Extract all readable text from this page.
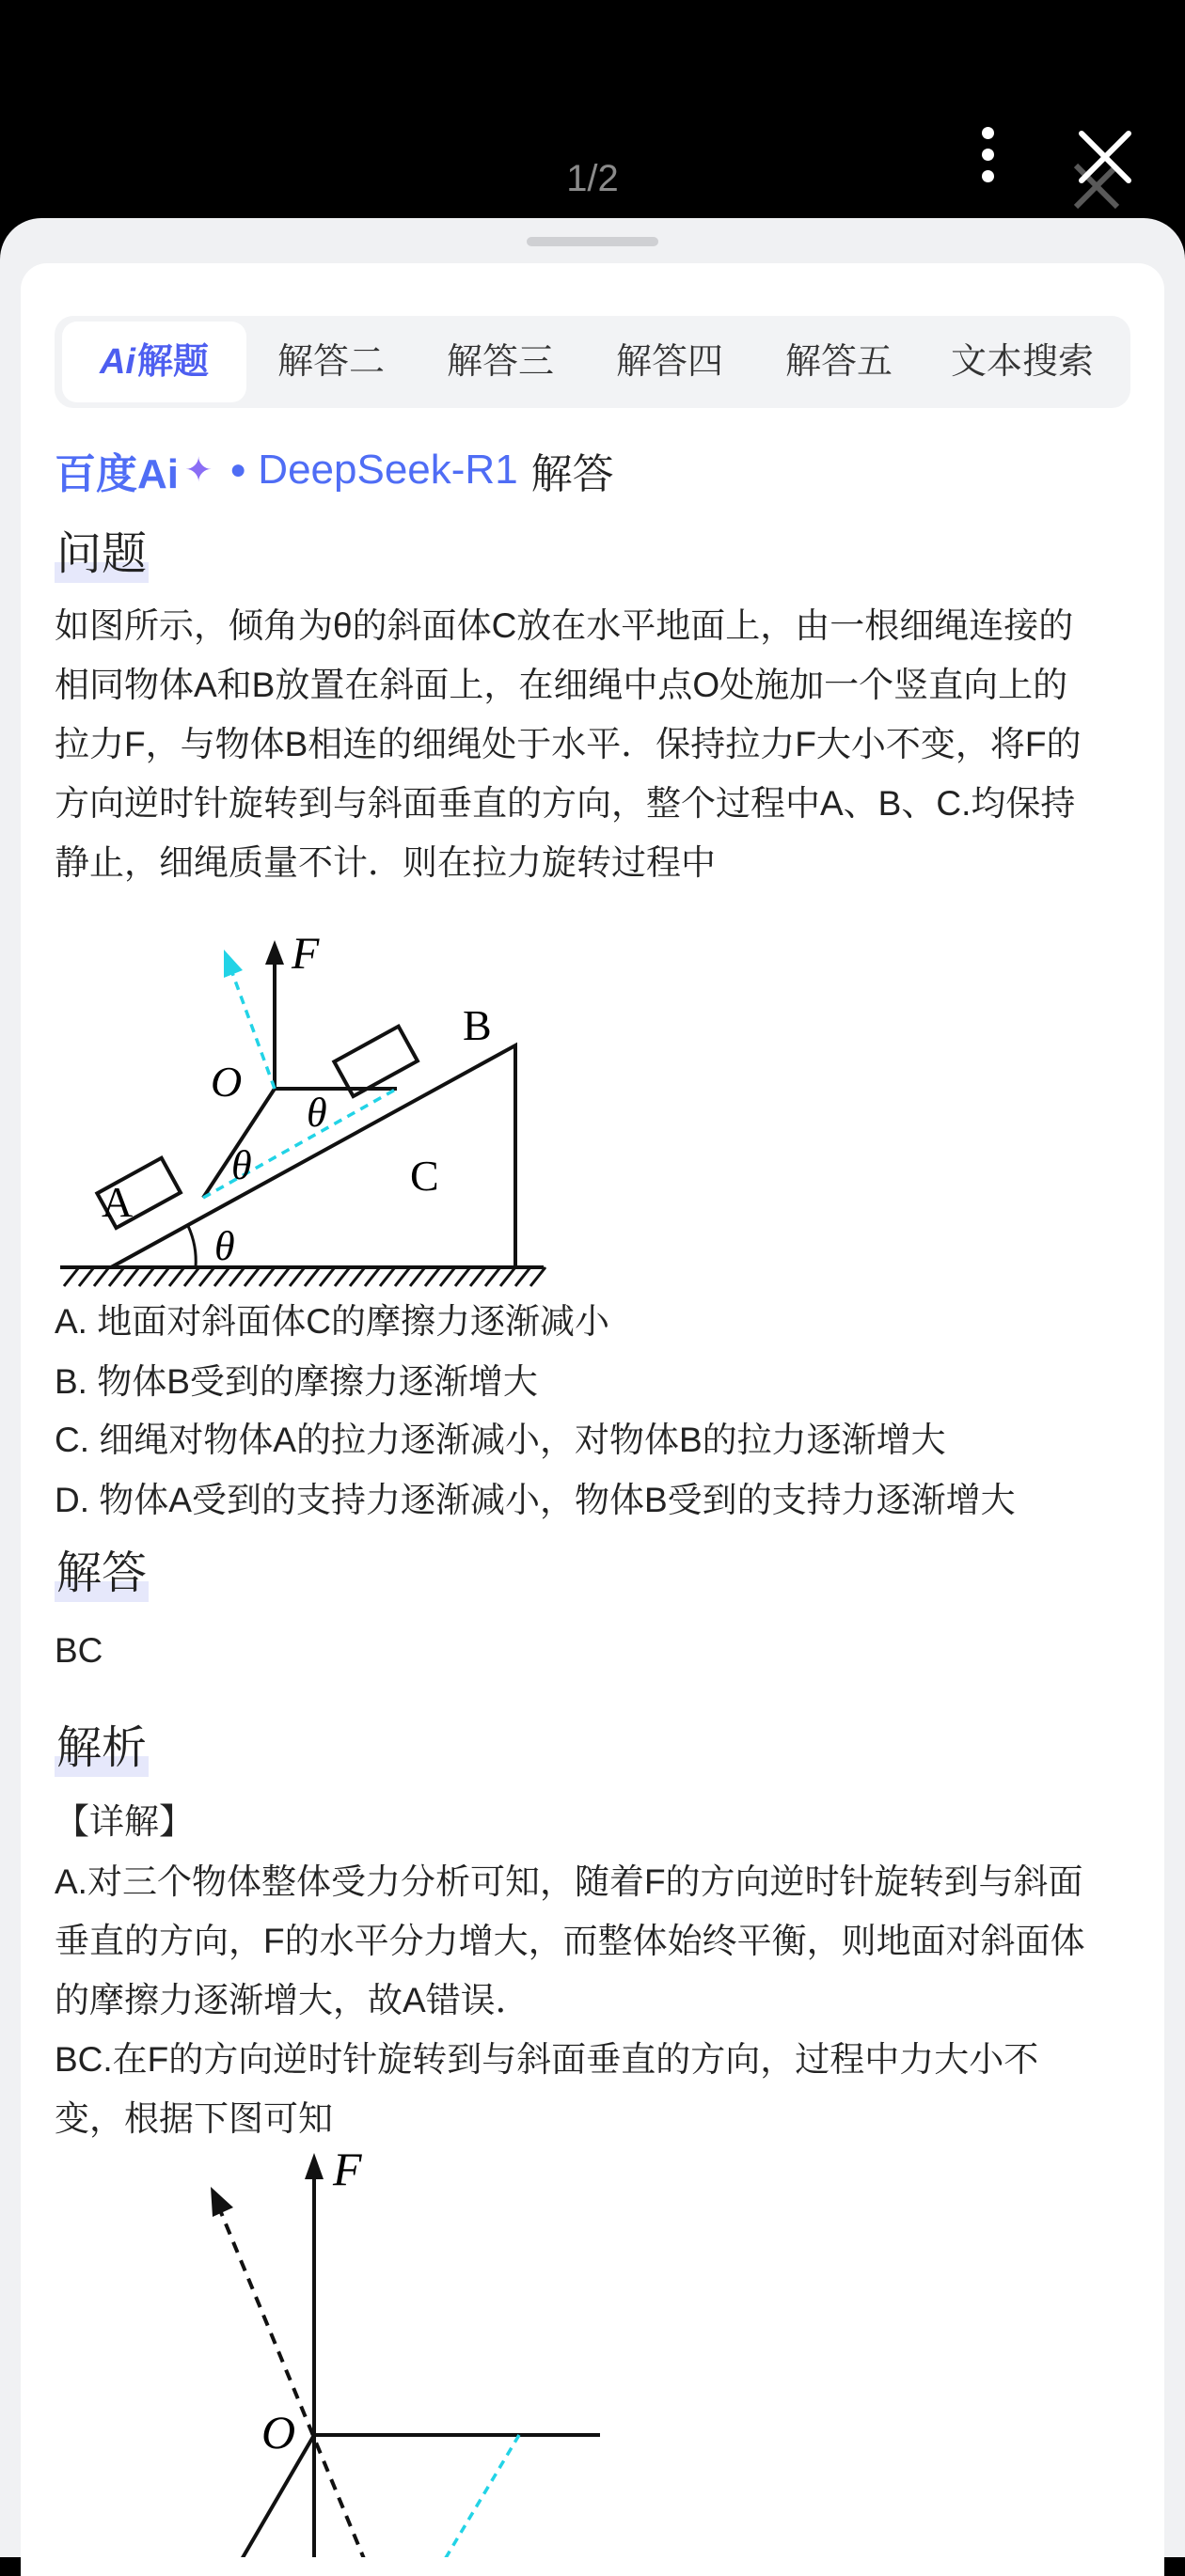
1/2
Ai 解题	解答二	解答三	解答四	解答五	文本搜索
百度Ai ✦ ● DeepSeek-R1 解答
问题
如图所示，倾角为θ的斜面体C放在水平地面上，由一根细绳连接的
相同物体A和B放置在斜面上，在细绳中点O处施加一个竖直向上的
拉力F，与物体B相连的细绳处于水平．保持拉力F大小不变，将F的
方向逆时针旋转到与斜面垂直的方向，整个过程中A、B、C.均保持
静止，细绳质量不计．则在拉力旋转过程中
F
O
B
A
C
θ
θ
θ
A. 地面对斜面体C的摩擦力逐渐减小
B. 物体B受到的摩擦力逐渐增大
C. 细绳对物体A的拉力逐渐减小，对物体B的拉力逐渐增大
D. 物体A受到的支持力逐渐减小，物体B受到的支持力逐渐增大
解答
BC
解析
【详解】
A.对三个物体整体受力分析可知，随着F的方向逆时针旋转到与斜面
垂直的方向，F的水平分力增大，而整体始终平衡，则地面对斜面体
的摩擦力逐渐增大，故A错误．
BC.在F的方向逆时针旋转到与斜面垂直的方向，过程中力大小不
变，根据下图可知
F
O
